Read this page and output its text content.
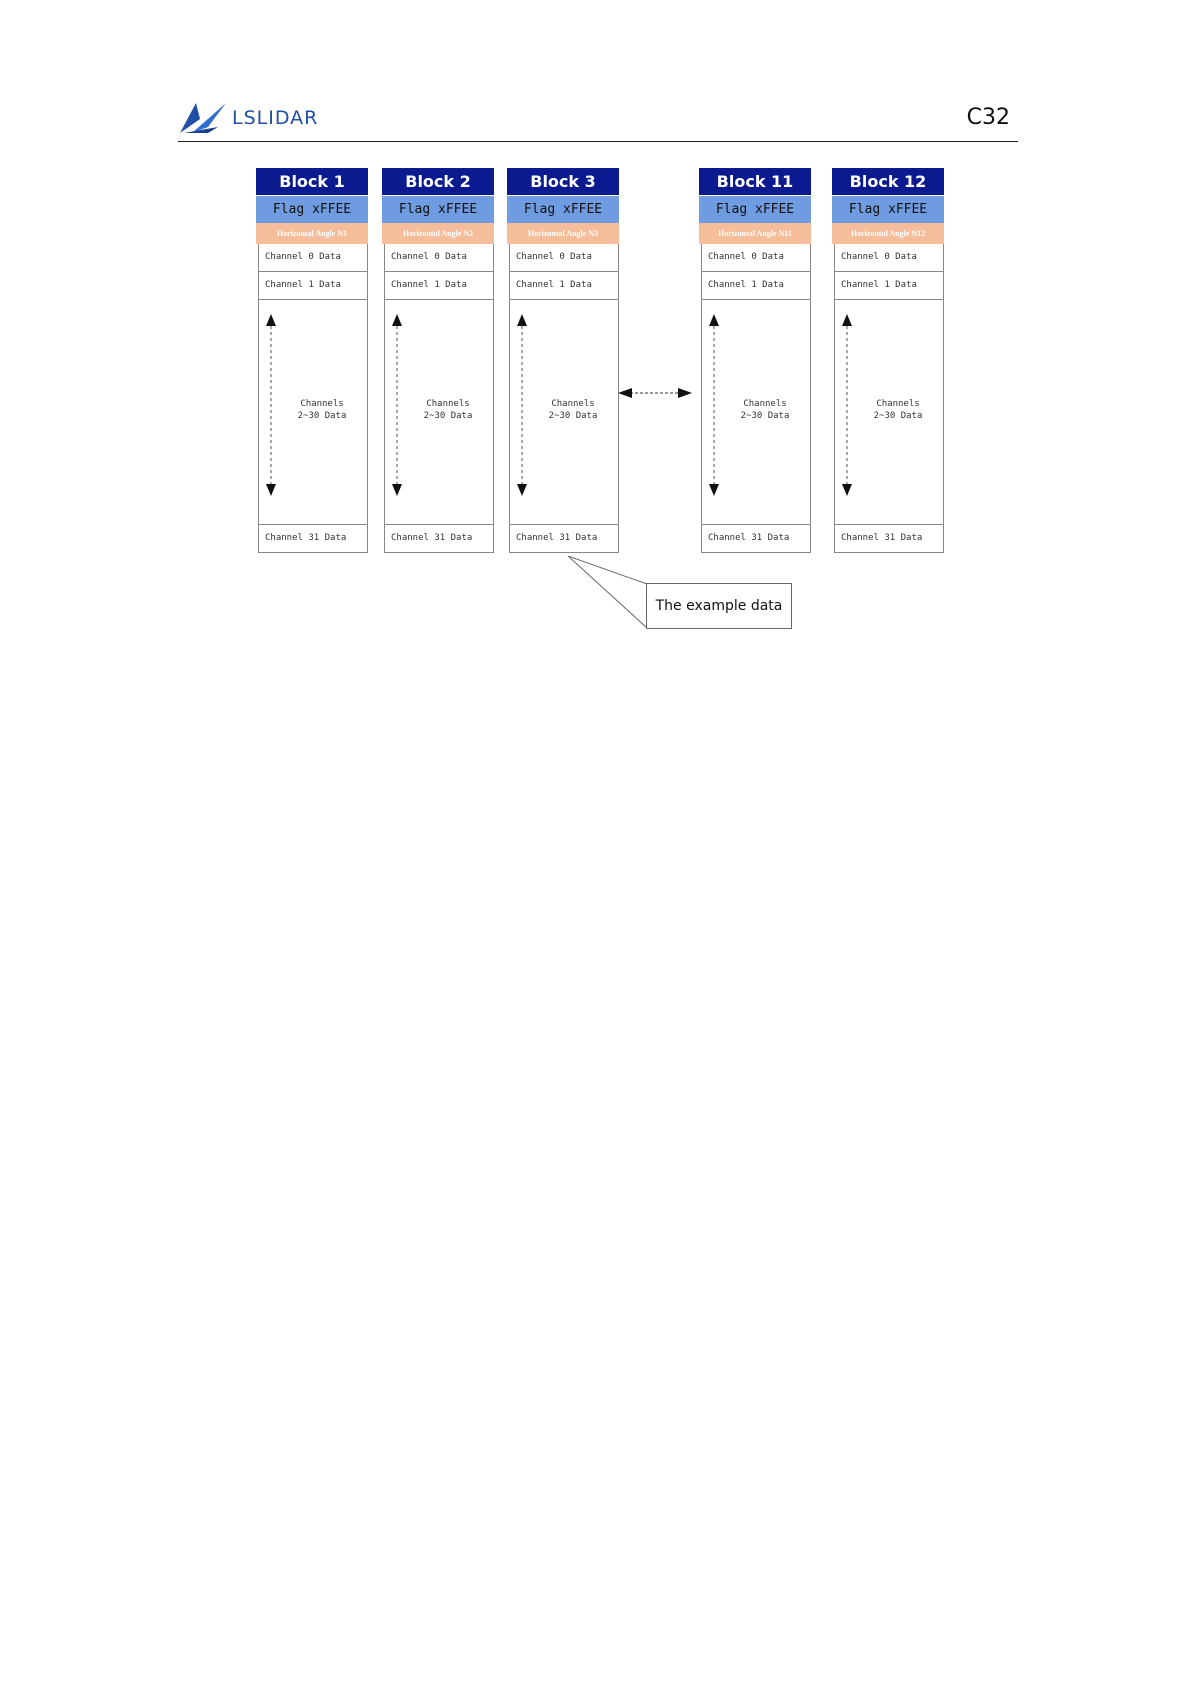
LSLIDAR	C32
Block 1
Flag xFFEE
Horizontal Angle N1
Channel 0 Data
Channel 1 Data
Channels
2~30 Data
Channel 31 Data
Block 2
Flag xFFEE
Horizontal Angle N2
Channel 0 Data
Channel 1 Data
Channels
2~30 Data
Channel 31 Data
Block 3
Flag xFFEE
Horizontal Angle N3
Channel 0 Data
Channel 1 Data
Channels
2~30 Data
Channel 31 Data
Block 11
Flag xFFEE
Horizontal Angle N11
Channel 0 Data
Channel 1 Data
Channels
2~30 Data
Channel 31 Data
Block 12
Flag xFFEE
Horizontal Angle N12
Channel 0 Data
Channel 1 Data
Channels
2~30 Data
Channel 31 Data
The example data
